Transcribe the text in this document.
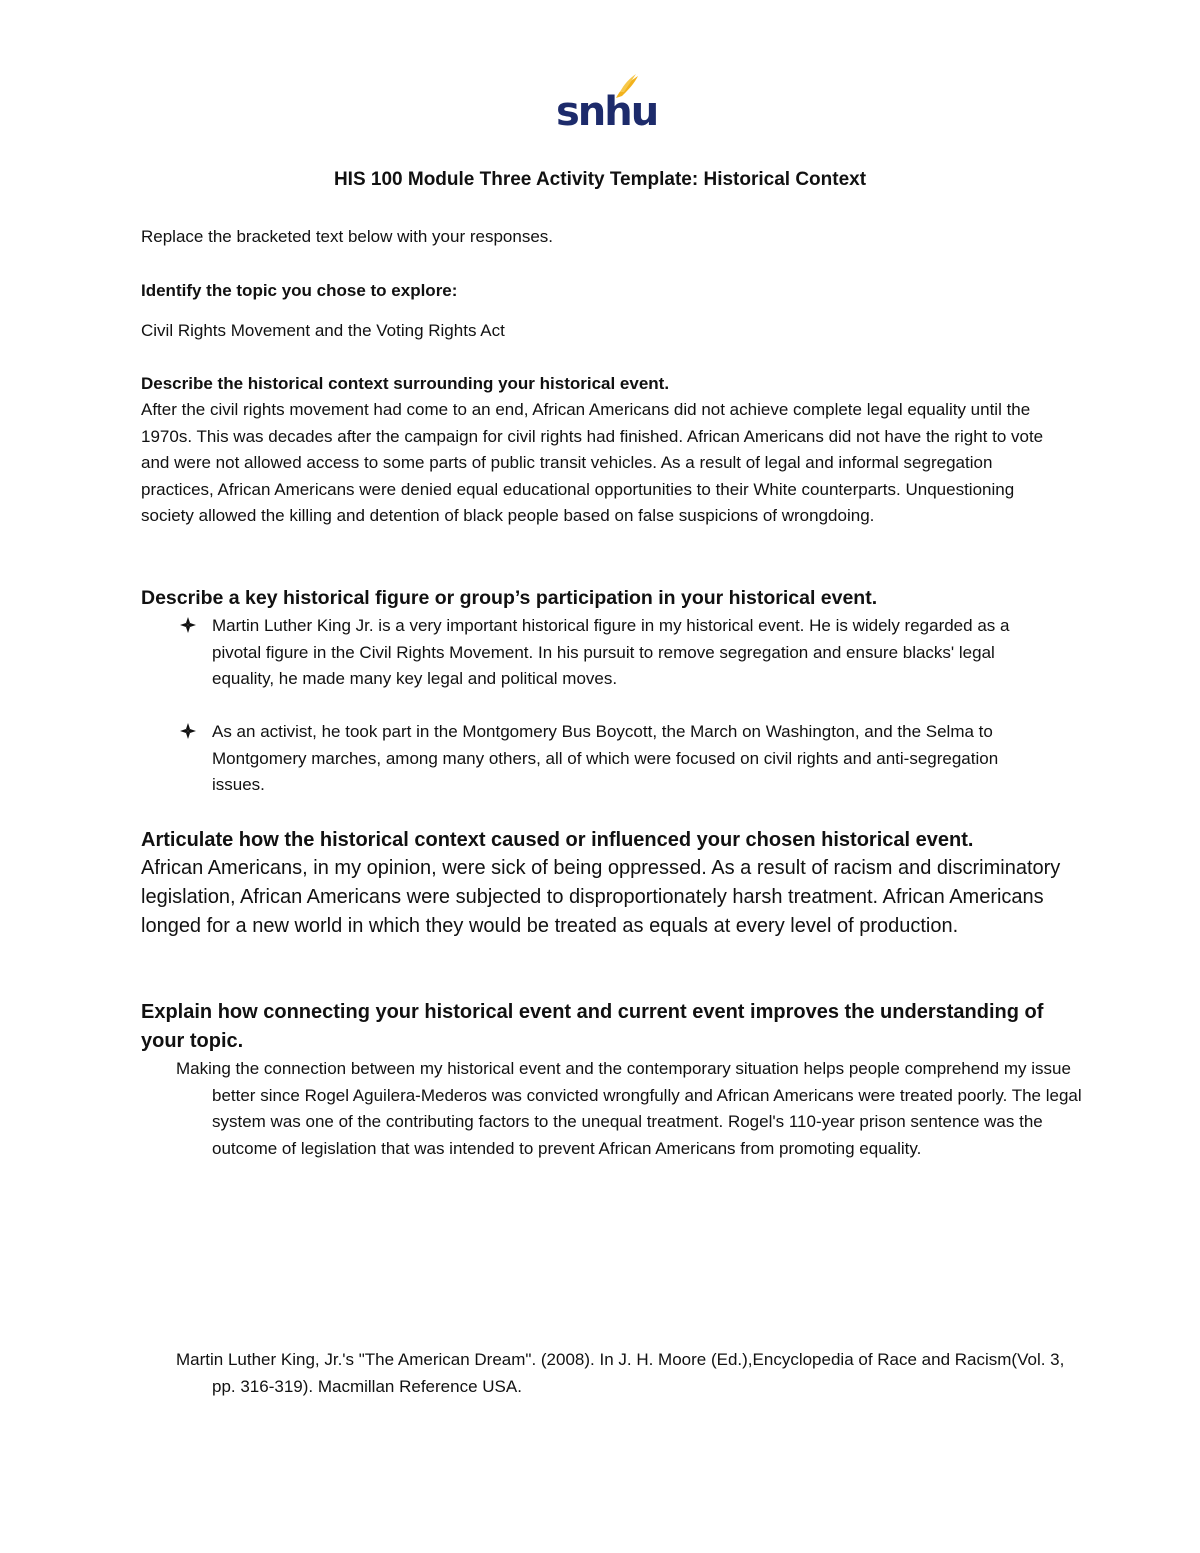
snhu
HIS 100 Module Three Activity Template: Historical Context
Replace the bracketed text below with your responses.
Identify the topic you chose to explore:
Civil Rights Movement and the Voting Rights Act
Describe the historical context surrounding your historical event.
After the civil rights movement had come to an end, African Americans did not achieve complete legal equality until the 1970s. This was decades after the campaign for civil rights had finished. African Americans did not have the right to vote and were not allowed access to some parts of public transit vehicles. As a result of legal and informal segregation practices, African Americans were denied equal educational opportunities to their White counterparts. Unquestioning society allowed the killing and detention of black people based on false suspicions of wrongdoing.
Describe a key historical figure or group’s participation in your historical event.
Martin Luther King Jr. is a very important historical figure in my historical event. He is widely regarded as a pivotal figure in the Civil Rights Movement. In his pursuit to remove segregation and ensure blacks' legal equality, he made many key legal and political moves.
As an activist, he took part in the Montgomery Bus Boycott, the March on Washington, and the Selma to Montgomery marches, among many others, all of which were focused on civil rights and anti-segregation issues.
Articulate how the historical context caused or influenced your chosen historical event.
African Americans, in my opinion, were sick of being oppressed. As a result of racism and discriminatory legislation, African Americans were subjected to disproportionately harsh treatment. African Americans longed for a new world in which they would be treated as equals at every level of production.
Explain how connecting your historical event and current event improves the understanding of your topic.
Making the connection between my historical event and the contemporary situation helps people comprehend my issue better since Rogel Aguilera-Mederos was convicted wrongfully and African Americans were treated poorly. The legal system was one of the contributing factors to the unequal treatment. Rogel's 110-year prison sentence was the outcome of legislation that was intended to prevent African Americans from promoting equality.
Martin Luther King, Jr.'s "The American Dream". (2008). In J. H. Moore (Ed.),Encyclopedia of Race and Racism(Vol. 3, pp. 316-319). Macmillan Reference USA.
